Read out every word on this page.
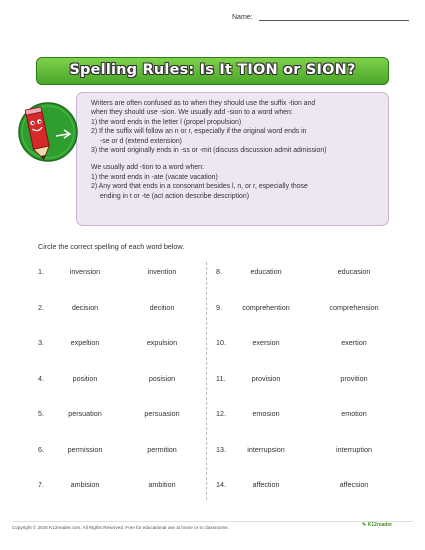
Name:
Spelling Rules: Is It TION or SION?
Writers are often confused as to when they should use the suffix -tion and
when they should use -sion. We usually add -sion to a word when:
1) the word ends in the letter l (propel propulsion)
2) If the suffix will follow an n or r, especially if the original word ends in
-se or d (extend extension)
3) the word originally ends in -ss or -mit (discuss discussion admit admission)
We usually add -tion to a word when:
1) the word ends in -ate (vacate vacation)
2) Any word that ends in a consonant besides l, n, or r, especially those
ending in t or -te (act action describe description)
Circle the correct spelling of each word below.
1.	invension	invention
2.	decision	decition
3.	expeltion	expulsion
4.	position	posision
5.	persuation	persuasion
6.	permission	permition
7.	ambision	ambition
8.	education	educasion
9.	comprehention	comprehension
10.	exersion	exertion
11.	provision	provition
12.	emosion	emotion
13.	interrupsion	interruption
14.	affection	affecsion
Copyright © 2016 K12reader.com. All Rights Reserved. Free for educational use at home or in classrooms.	✎ K12reader
